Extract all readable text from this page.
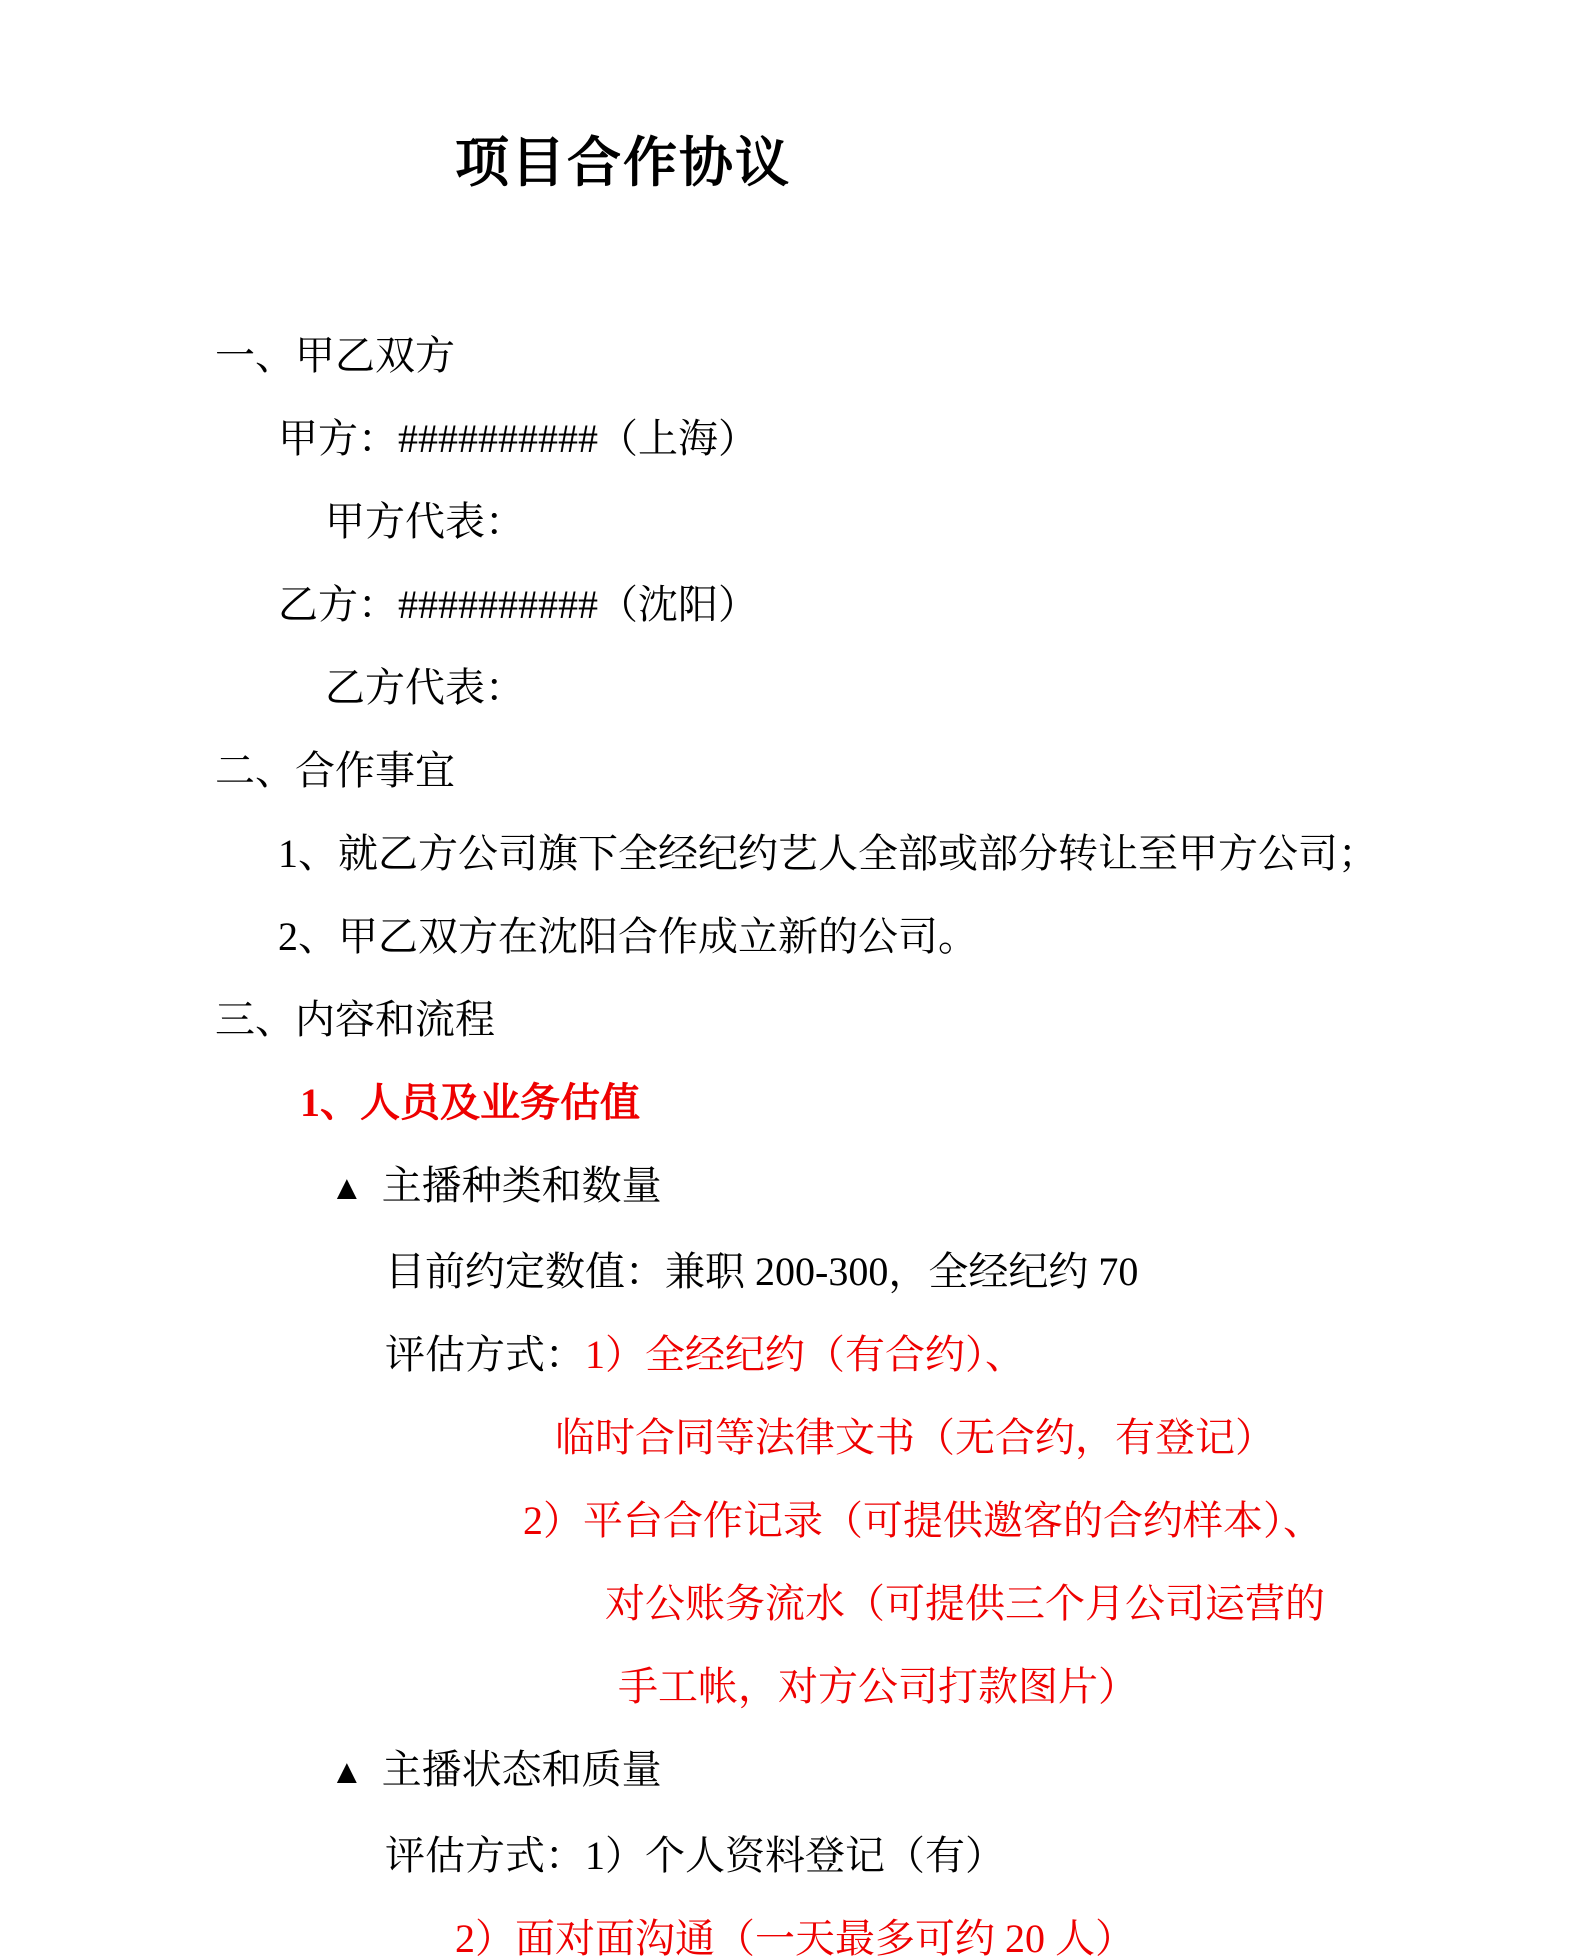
项目合作协议

一、甲乙双方

甲方：##########（上海）

甲方代表：

乙方：##########（沈阳）

乙方代表：

二、合作事宜

1、就乙方公司旗下全经纪约艺人全部或部分转让至甲方公司；

2、甲乙双方在沈阳合作成立新的公司。

三、内容和流程

1、人员及业务估值

▲ 主播种类和数量

目前约定数值：兼职 200-300，全经纪约 70

评估方式：1）全经纪约（有合约）、

临时合同等法律文书（无合约，有登记）

2）平台合作记录（可提供邀客的合约样本）、

对公账务流水（可提供三个月公司运营的

手工帐，对方公司打款图片）

▲ 主播状态和质量

评估方式：1）个人资料登记（有）

2）面对面沟通（一天最多可约 20 人）
